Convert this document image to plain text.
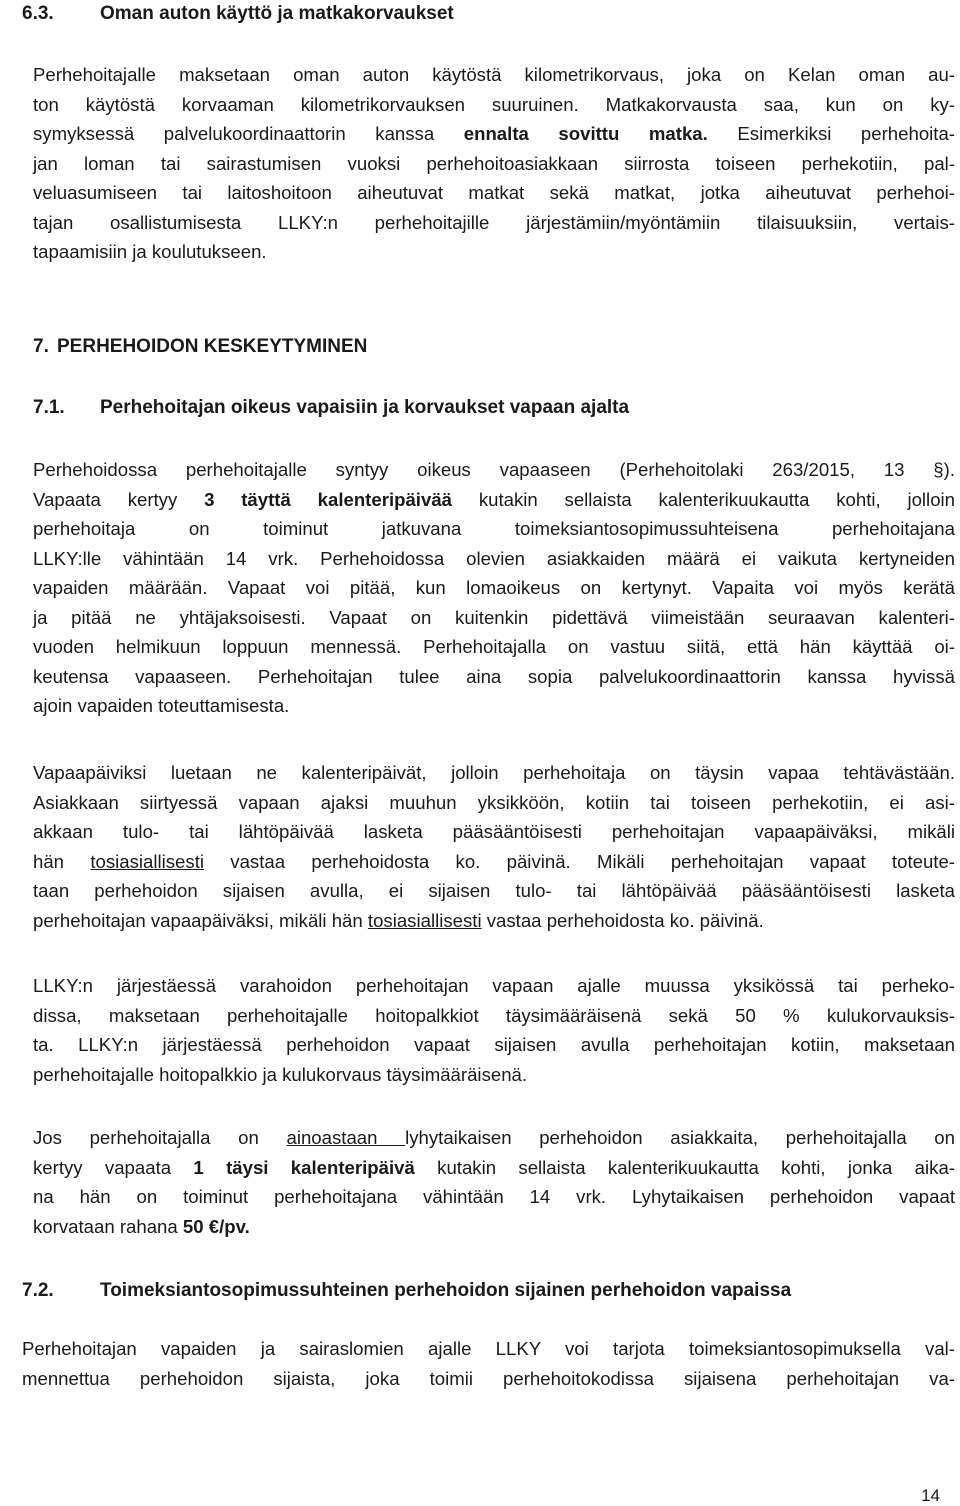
6.3. Oman auton käyttö ja matkakorvaukset
Perhehoitajalle maksetaan oman auton käytöstä kilometrikorvaus, joka on Kelan oman au-
ton käytöstä korvaaman kilometrikorvauksen suuruinen. Matkakorvausta saa, kun on ky-
symyksessä palvelukoordinaattorin kanssa ennalta sovittu matka. Esimerkiksi perhehoita-
jan loman tai sairastumisen vuoksi perhehoitoasiakkaan siirrosta toiseen perhekotiin, pal-
veluasumiseen tai laitoshoitoon aiheutuvat matkat sekä matkat, jotka aiheutuvat perhehoi-
tajan osallistumisesta LLKY:n perhehoitajille järjestämiin/myöntämiin tilaisuuksiin, vertais-
tapaamisiin ja koulutukseen.
7. PERHEHOIDON KESKEYTYMINEN
7.1. Perhehoitajan oikeus vapaisiin ja korvaukset vapaan ajalta
Perhehoidossa perhehoitajalle syntyy oikeus vapaaseen (Perhehoitolaki 263/2015, 13 §).
Vapaata kertyy 3 täyttä kalenteripäivää kutakin sellaista kalenterikuukautta kohti, jolloin
perhehoitaja on toiminut jatkuvana toimeksiantosopimussuhteisena perhehoitajana
LLKY:lle vähintään 14 vrk. Perhehoidossa olevien asiakkaiden määrä ei vaikuta kertyneiden
vapaiden määrään. Vapaat voi pitää, kun lomaoikeus on kertynyt. Vapaita voi myös kerätä
ja pitää ne yhtäjaksoisesti. Vapaat on kuitenkin pidettävä viimeistään seuraavan kalenteri-
vuoden helmikuun loppuun mennessä. Perhehoitajalla on vastuu siitä, että hän käyttää oi-
keutensa vapaaseen. Perhehoitajan tulee aina sopia palvelukoordinaattorin kanssa hyvissä
ajoin vapaiden toteuttamisesta.
Vapaapäiviksi luetaan ne kalenteripäivät, jolloin perhehoitaja on täysin vapaa tehtävästään.
Asiakkaan siirtyessä vapaan ajaksi muuhun yksikköön, kotiin tai toiseen perhekotiin, ei asi-
akkaan tulo- tai lähtöpäivää lasketa pääsääntöisesti perhehoitajan vapaapäiväksi, mikäli
hän tosiasiallisesti vastaa perhehoidosta ko. päivinä. Mikäli perhehoitajan vapaat toteute-
taan perhehoidon sijaisen avulla, ei sijaisen tulo- tai lähtöpäivää pääsääntöisesti lasketa
perhehoitajan vapaapäiväksi, mikäli hän tosiasiallisesti vastaa perhehoidosta ko. päivinä.
LLKY:n järjestäessä varahoidon perhehoitajan vapaan ajalle muussa yksikössä tai perheko-
dissa, maksetaan perhehoitajalle hoitopalkkiot täysimääräisenä sekä 50 % kulukorvauksis-
ta. LLKY:n järjestäessä perhehoidon vapaat sijaisen avulla perhehoitajan kotiin, maksetaan
perhehoitajalle hoitopalkkio ja kulukorvaus täysimääräisenä.
Jos perhehoitajalla on ainoastaan lyhytaikaisen perhehoidon asiakkaita, perhehoitajalla on
kertyy vapaata 1 täysi kalenteripäivä kutakin sellaista kalenterikuukautta kohti, jonka aika-
na hän on toiminut perhehoitajana vähintään 14 vrk. Lyhytaikaisen perhehoidon vapaat
korvataan rahana 50 €/pv.
7.2. Toimeksiantosopimussuhteinen perhehoidon sijainen perhehoidon vapaissa
Perhehoitajan vapaiden ja sairaslomien ajalle LLKY voi tarjota toimeksiantosopimuksella val-
mennettua perhehoidon sijaista, joka toimii perhehoitokodissa sijaisena perhehoitajan va-
14
